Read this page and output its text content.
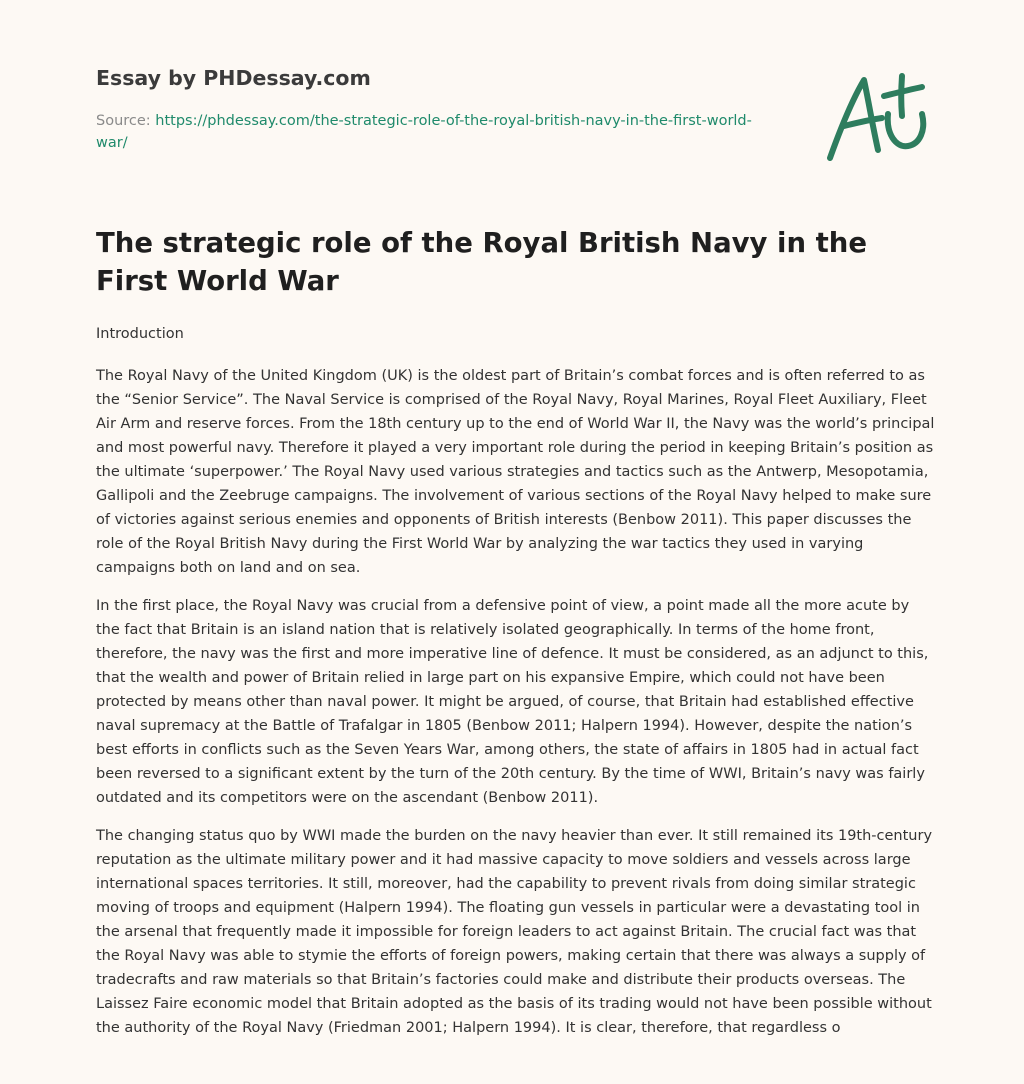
Essay by PHDessay.com
Source: https://phdessay.com/the-strategic-role-of-the-royal-british-navy-in-the-first-world-war/
The strategic role of the Royal British Navy in the First World War

Introduction

The Royal Navy of the United Kingdom (UK) is the oldest part of Britain’s combat forces and is often referred to as the “Senior Service”. The Naval Service is comprised of the Royal Navy, Royal Marines, Royal Fleet Auxiliary, Fleet Air Arm and reserve forces. From the 18th century up to the end of World War II, the Navy was the world’s principal and most powerful navy. Therefore it played a very important role during the period in keeping Britain’s position as the ultimate ‘superpower.’ The Royal Navy used various strategies and tactics such as the Antwerp, Mesopotamia, Gallipoli and the Zeebruge campaigns. The involvement of various sections of the Royal Navy helped to make sure of victories against serious enemies and opponents of British interests (Benbow 2011). This paper discusses the role of the Royal British Navy during the First World War by analyzing the war tactics they used in varying campaigns both on land and on sea.

In the first place, the Royal Navy was crucial from a defensive point of view, a point made all the more acute by the fact that Britain is an island nation that is relatively isolated geographically. In terms of the home front, therefore, the navy was the first and more imperative line of defence. It must be considered, as an adjunct to this, that the wealth and power of Britain relied in large part on his expansive Empire, which could not have been protected by means other than naval power. It might be argued, of course, that Britain had established effective naval supremacy at the Battle of Trafalgar in 1805 (Benbow 2011; Halpern 1994). However, despite the nation’s best efforts in conflicts such as the Seven Years War, among others, the state of affairs in 1805 had in actual fact been reversed to a significant extent by the turn of the 20th century. By the time of WWI, Britain’s navy was fairly outdated and its competitors were on the ascendant (Benbow 2011).

The changing status quo by WWI made the burden on the navy heavier than ever. It still remained its 19th-century reputation as the ultimate military power and it had massive capacity to move soldiers and vessels across large international spaces territories. It still, moreover, had the capability to prevent rivals from doing similar strategic moving of troops and equipment (Halpern 1994). The floating gun vessels in particular were a devastating tool in the arsenal that frequently made it impossible for foreign leaders to act against Britain. The crucial fact was that the Royal Navy was able to stymie the efforts of foreign powers, making certain that there was always a supply of tradecrafts and raw materials so that Britain’s factories could make and distribute their products overseas. The Laissez Faire economic model that Britain adopted as the basis of its trading would not have been possible without the authority of the Royal Navy (Friedman 2001; Halpern 1994). It is clear, therefore, that regardless o
